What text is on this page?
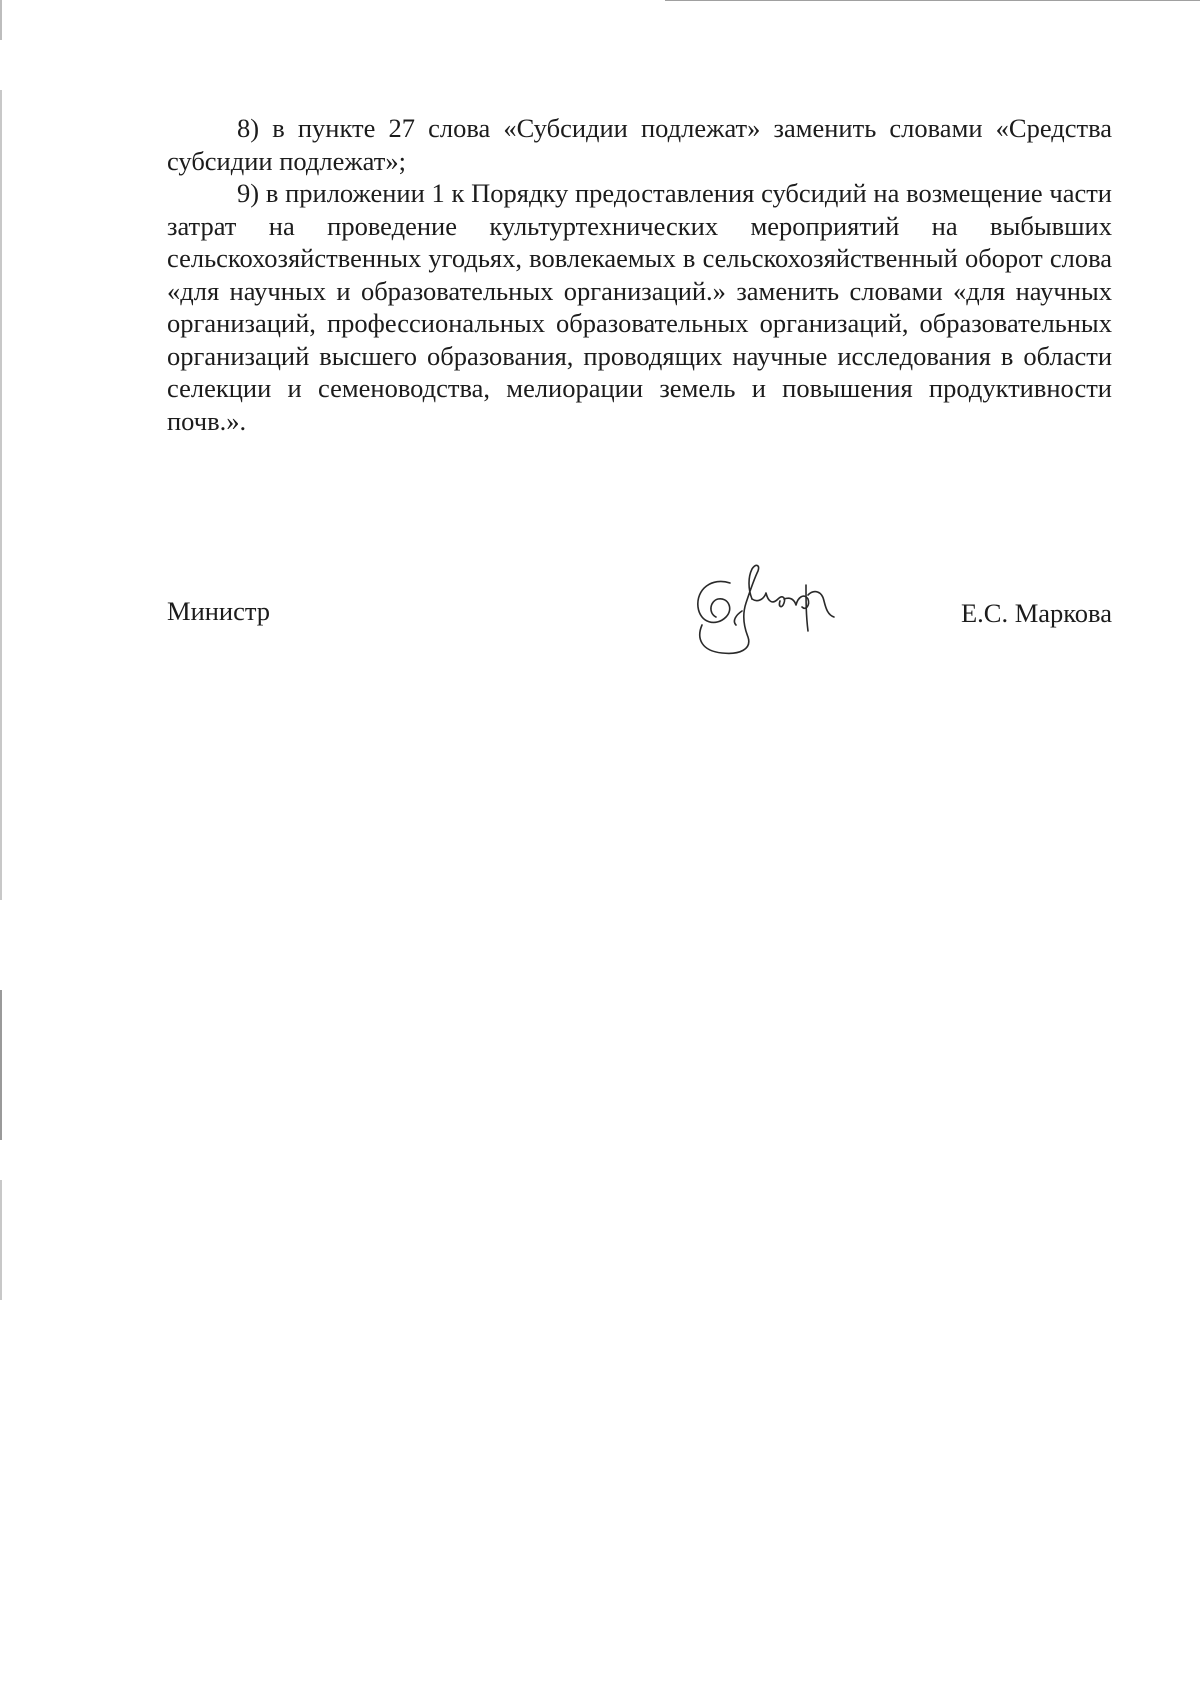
8) в пункте 27 слова «Субсидии подлежат» заменить словами «Средства субсидии подлежат»;

9) в приложении 1 к Порядку предоставления субсидий на возмещение части затрат на проведение культуртехнических мероприятий на выбывших сельскохозяйственных угодьях, вовлекаемых в сельскохозяйственный оборот слова «для научных и образовательных организаций.» заменить словами «для научных организаций, профессиональных образовательных организаций, образовательных организаций высшего образования, проводящих научные исследования в области селекции и семеноводства, мелиорации земель и повышения продуктивности почв.».

Министр	Е.С. Маркова
